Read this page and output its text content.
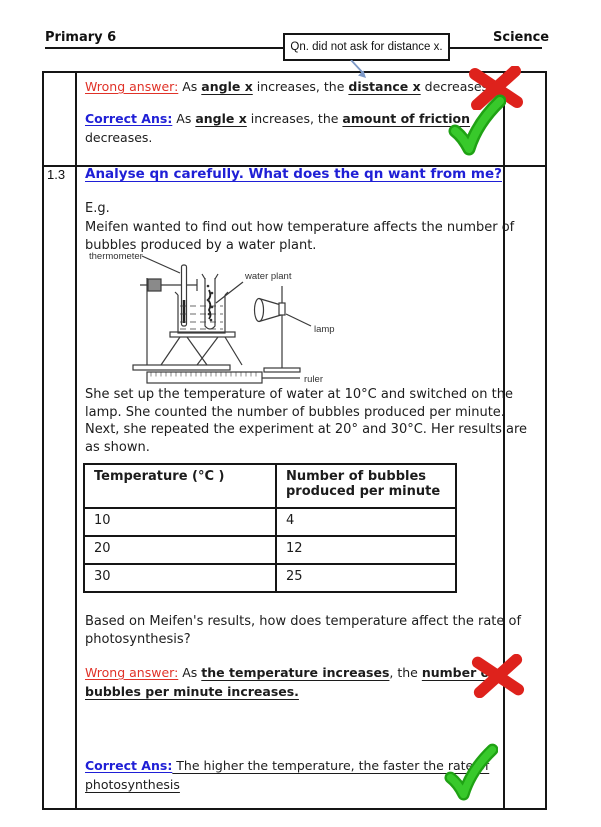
Primary 6	Science
Qn. did not ask for distance x.
Wrong answer: As angle x increases, the distance x decreases.
Correct Ans: As angle x increases, the amount of friction decreases.
1.3 Analyse qn carefully. What does the qn want from me?
E.g.
Meifen wanted to find out how temperature affects the number of bubbles produced by a water plant.
thermometer
water plant
lamp
ruler
She set up the temperature of water at 10°C and switched on the lamp. She counted the number of bubbles produced per minute. Next, she repeated the experiment at 20° and 30°C. Her results are as shown.
Temperature (°C )	Number of bubbles produced per minute
10	4
20	12
30	25
Based on Meifen's results, how does temperature affect the rate of photosynthesis?
Wrong answer: As the temperature increases, the number of bubbles per minute increases.
Correct Ans: The higher the temperature, the faster the rate of photosynthesis
